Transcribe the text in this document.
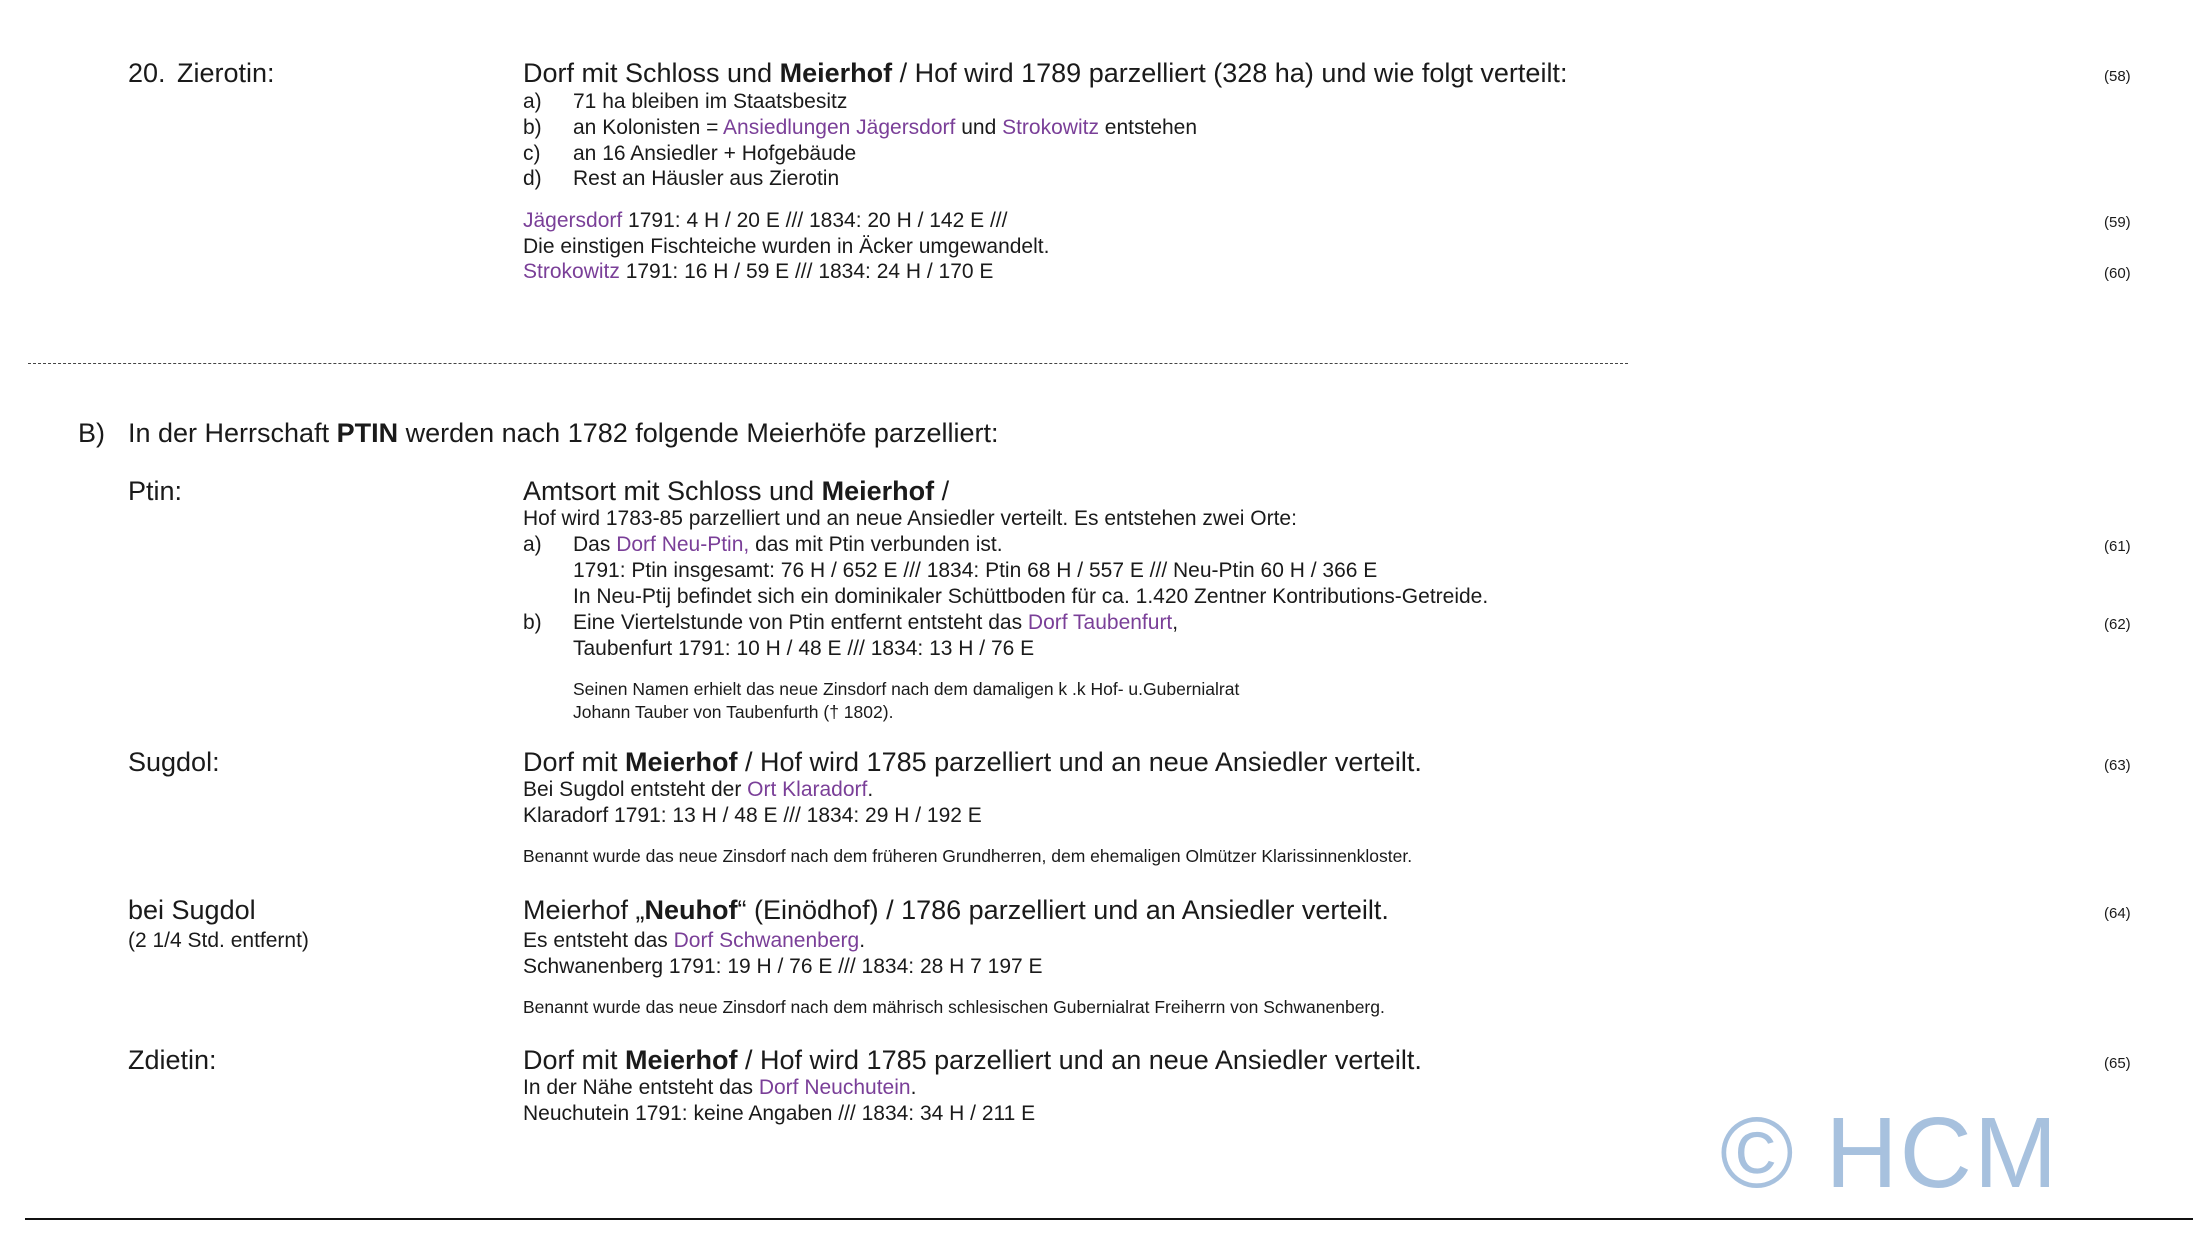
20. Zierotin:	Dorf mit Schloss und Meierhof / Hof wird 1789 parzelliert (328 ha) und wie folgt verteilt:	(58)
a) 71 ha bleiben im Staatsbesitz
b) an Kolonisten = Ansiedlungen Jägersdorf und Strokowitz entstehen
c) an 16 Ansiedler + Hofgebäude
d) Rest an Häusler aus Zierotin
Jägersdorf 1791: 4 H / 20 E /// 1834: 20 H / 142 E ///	(59)
Die einstigen Fischteiche wurden in Äcker umgewandelt.
Strokowitz 1791: 16 H / 59 E /// 1834: 24 H / 170 E	(60)
B) In der Herrschaft PTIN werden nach 1782 folgende Meierhöfe parzelliert:
Ptin:	Amtsort mit Schloss und Meierhof /
Hof wird 1783-85 parzelliert und an neue Ansiedler verteilt. Es entstehen zwei Orte:
a) Das Dorf Neu-Ptin, das mit Ptin verbunden ist.	(61)
1791: Ptin insgesamt: 76 H / 652 E /// 1834: Ptin 68 H / 557 E /// Neu-Ptin 60 H / 366 E
In Neu-Ptij befindet sich ein dominikaler Schüttboden für ca. 1.420 Zentner Kontributions-Getreide.
b) Eine Viertelstunde von Ptin entfernt entsteht das Dorf Taubenfurt,	(62)
Taubenfurt 1791: 10 H / 48 E /// 1834: 13 H / 76 E
Seinen Namen erhielt das neue Zinsdorf nach dem damaligen k .k Hof- u.Gubernialrat
Johann Tauber von Taubenfurth († 1802).
Sugdol:	Dorf mit Meierhof / Hof wird 1785 parzelliert und an neue Ansiedler verteilt.	(63)
Bei Sugdol entsteht der Ort Klaradorf.
Klaradorf 1791: 13 H / 48 E /// 1834: 29 H / 192 E
Benannt wurde das neue Zinsdorf nach dem früheren Grundherren, dem ehemaligen Olmützer Klarissinnenkloster.
bei Sugdol
(2 1/4 Std. entfernt)
Meierhof „Neuhof“ (Einödhof) / 1786 parzelliert und an Ansiedler verteilt.	(64)
Es entsteht das Dorf Schwanenberg.
Schwanenberg 1791: 19 H / 76 E /// 1834: 28 H 7 197 E
Benannt wurde das neue Zinsdorf nach dem mährisch schlesischen Gubernialrat Freiherrn von Schwanenberg.
Zdietin:	Dorf mit Meierhof / Hof wird 1785 parzelliert und an neue Ansiedler verteilt.	(65)
In der Nähe entsteht das Dorf Neuchutein.
Neuchutein 1791: keine Angaben /// 1834: 34 H / 211 E	© HCM
